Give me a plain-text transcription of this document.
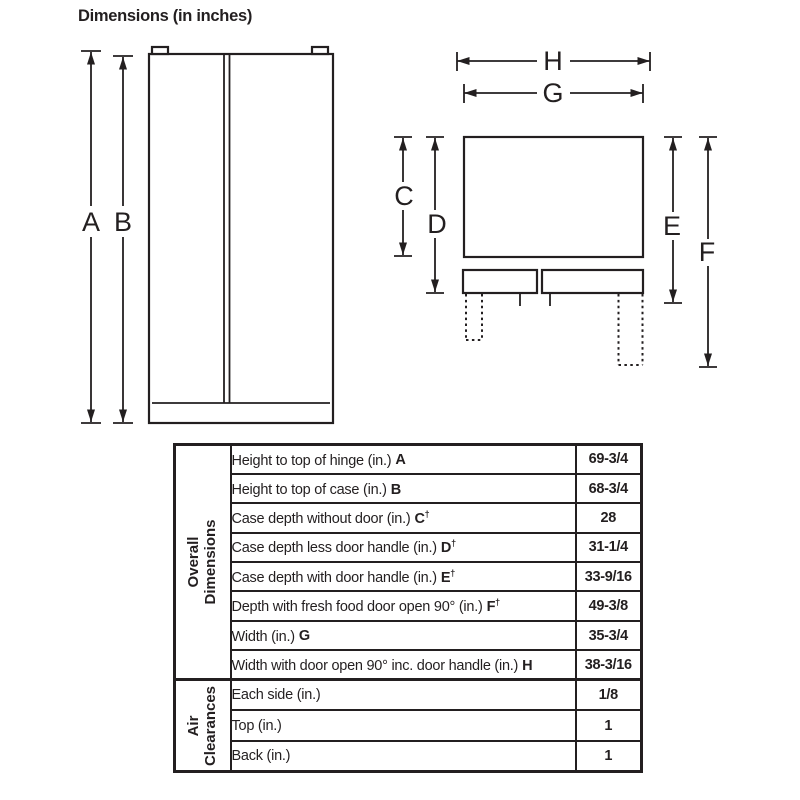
Dimensions (in inches)
A B
H
G
C
D	E
F
Overall
Dimensions	Height to top of hinge (in.) A	69-3/4
	Height to top of case (in.) B	68-3/4
	Case depth without door (in.) C†	28
	Case depth less door handle (in.) D†	31-1/4
	Case depth with door handle (in.) E†	33-9/16
	Depth with fresh food door open 90° (in.) F†	49-3/8
	Width (in.) G	35-3/4
	Width with door open 90° inc. door handle (in.) H	38-3/16

Air
Clearances	Each side (in.)	1/8
	Top (in.)	1
	Back (in.)	1
